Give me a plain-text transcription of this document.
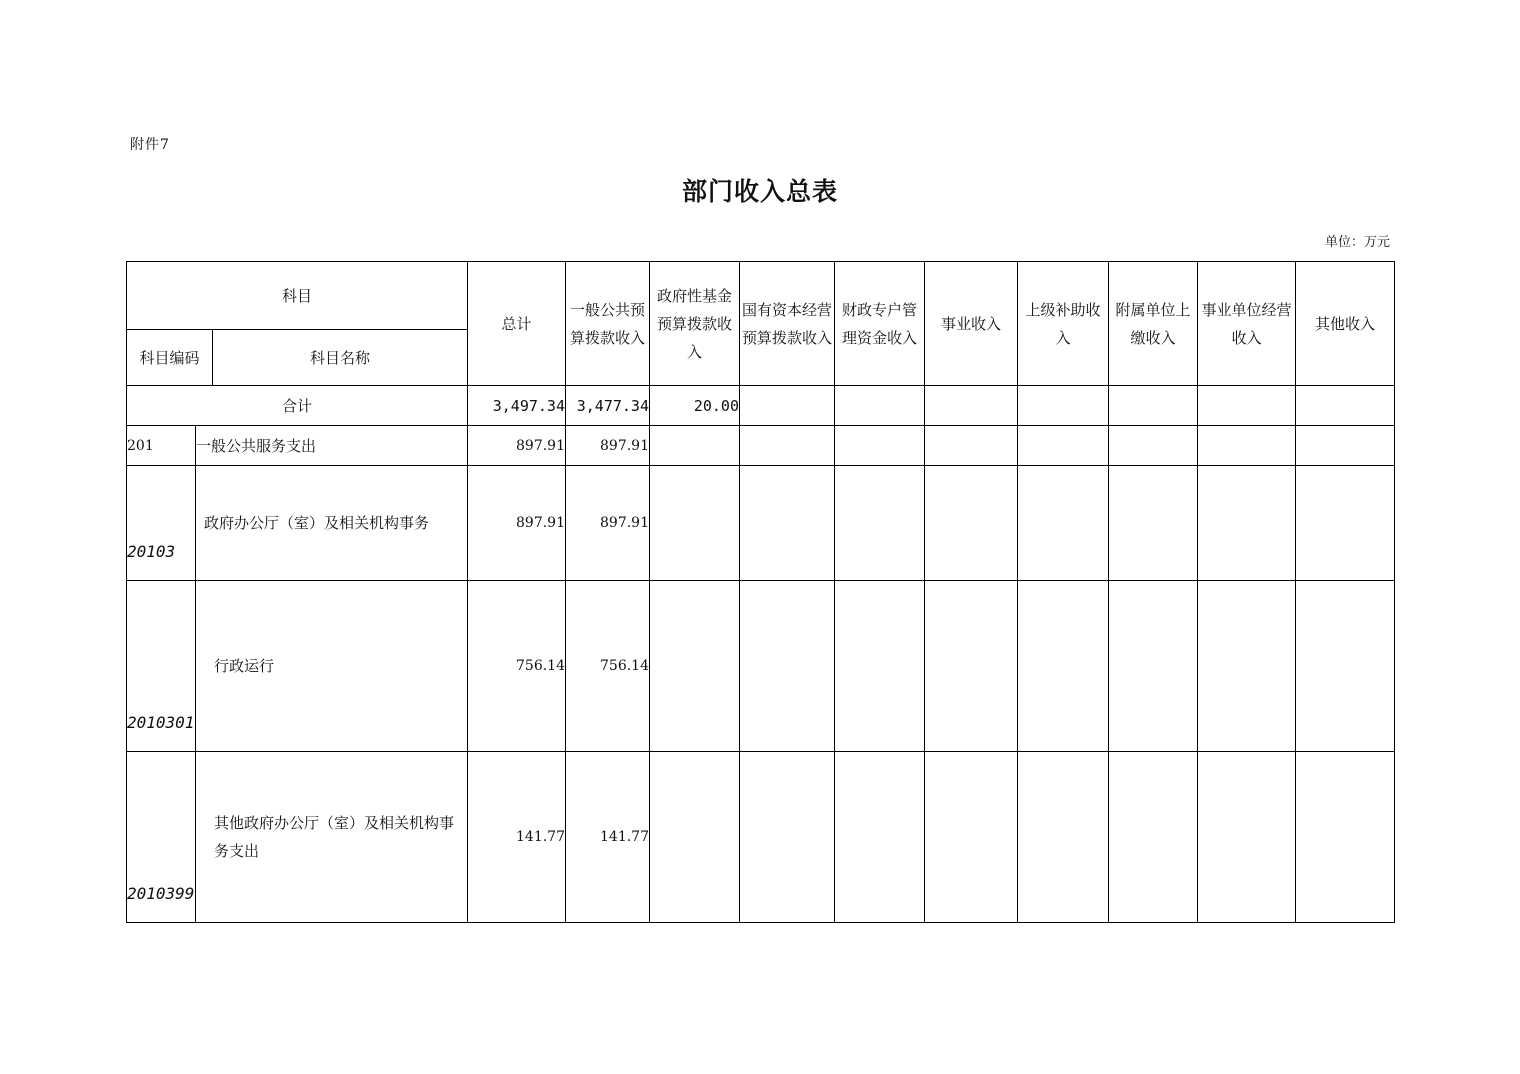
附件7
部门收入总表
单位：万元
科目			总计	一般公共预算拨款收入	政府性基金预算拨款收入	国有资本经营预算拨款收入	财政专户管理资金收入	事业收入	上级补助收入	附属单位上缴收入	事业单位经营收入	其他收入
科目编码		科目名称										
合计			3,497.34	3,477.34	20.00							
201	一般公共服务支出		897.91	897.91								
20103	政府办公厅（室）及相关机构事务		897.91	897.91								
2010301	行政运行		756.14	756.14								
2010399	其他政府办公厅（室）及相关机构事务支出		141.77	141.77								
